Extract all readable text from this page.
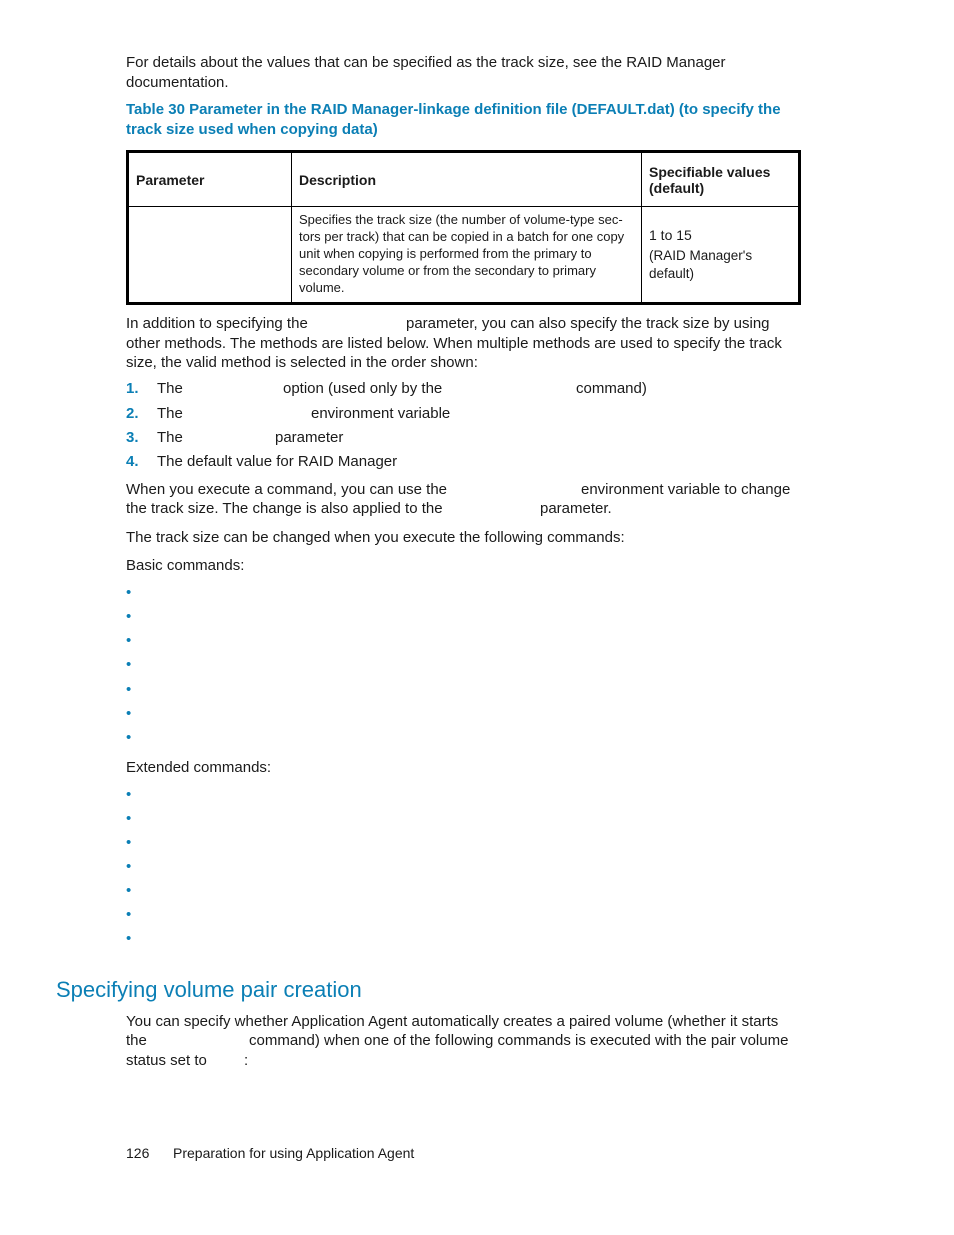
For details about the values that can be specified as the track size, see the RAID Manager documentation.
Table 30 Parameter in the RAID Manager-linkage definition file (DEFAULT.dat) (to specify the track size used when copying data)
Parameter	Description	Specifiable values (default)
	Specifies the track size (the number of volume-type sec- tors per track) that can be copied in a batch for one copy unit when copying is performed from the primary to secondary volume or from the secondary to primary volume.	1 to 15
(RAID Manager's default)
In addition to specifying the	parameter, you can also specify the track size by using other methods. The methods are listed below. When multiple methods are used to specify the track size, the valid method is selected in the order shown:
1. The	option (used only by the	command)
2. The	environment variable
3. The	parameter
4. The default value for RAID Manager
When you execute a command, you can use the	environment variable to change
the track size. The change is also applied to the	parameter.
The track size can be changed when you execute the following commands:
Basic commands:
•
•
•
•
•
•
•
Extended commands:
•
•
•
•
•
•
•
Specifying volume pair creation
You can specify whether Application Agent automatically creates a paired volume (whether it starts
the	command) when one of the following commands is executed with the pair volume
status set to :
126 Preparation for using Application Agent
